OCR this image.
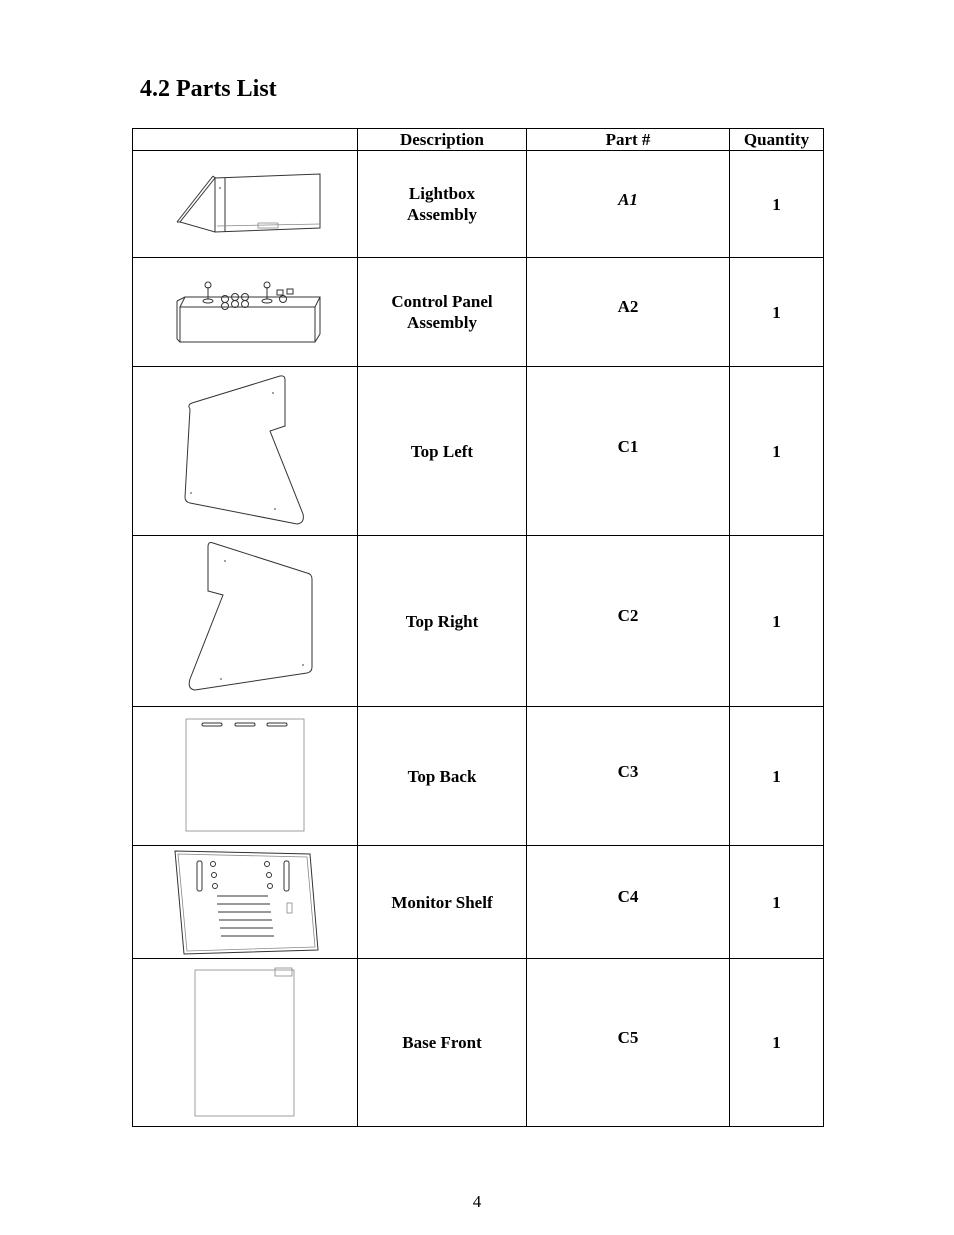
4.2 Parts List
	Description	Part #	Quantity

	Lightbox
Assembly	A1	1

	Control Panel
Assembly	A2	1

	Top Left	C1	1

	Top Right	C2	1

	Top Back	C3	1

	Monitor Shelf	C4	1

	Base Front	C5	1
4
